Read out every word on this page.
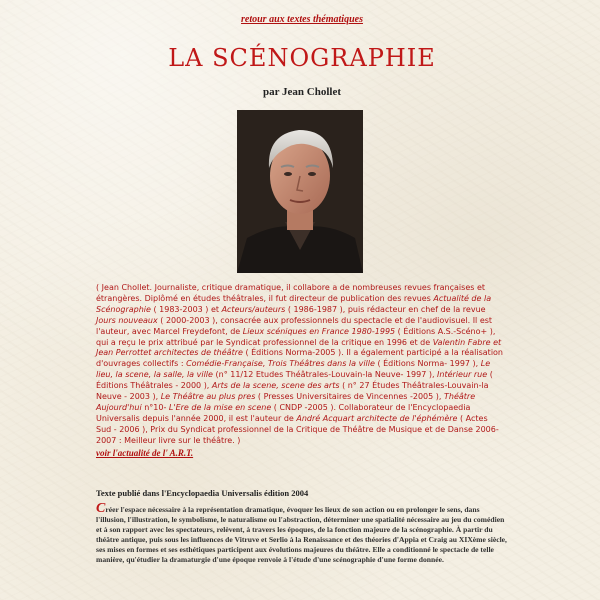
retour aux textes thématiques
LA SCÉNOGRAPHIE
par Jean Chollet
( Jean Chollet. Journaliste, critique dramatique, il collabore a de nombreuses revues françaises et étrangères. Diplômé en études théâtrales, il fut directeur de publication des revues Actualité de la Scénographie ( 1983-2003 ) et Acteurs/auteurs ( 1986-1987 ), puis rédacteur en chef de la revue Jours nouveaux ( 2000-2003 ), consacrée aux professionnels du spectacle et de l'audiovisuel. Il est l'auteur, avec Marcel Freydefont, de Lieux scéniques en France 1980-1995 ( Éditions A.S.-Scéno+ ), qui a reçu le prix attribué par le Syndicat professionnel de la critique en 1996 et de Valentin Fabre et Jean Perrottet architectes de théâtre ( Éditions Norma-2005 ). Il a également participé a la réalisation d'ouvrages collectifs : Comédie-Française, Trois Théâtres dans la ville ( Éditions Norma- 1997 ), Le lieu, la scene, la salle, la ville (n° 11/12 Etudes Théâtrales-Louvain-la Neuve- 1997 ), Intérieur rue ( Éditions Théâtrales - 2000 ), Arts de la scene, scene des arts ( n° 27 Études Théâtrales-Louvain-la Neuve - 2003 ), Le Théâtre au plus pres ( Presses Universitaires de Vincennes -2005 ), Théâtre Aujourd'hui n°10- L'Ere de la mise en scene ( CNDP -2005 ). Collaborateur de l'Encyclopaedia Universalis depuis l'année 2000, il est l'auteur de André Acquart architecte de l'éphémère ( Actes Sud - 2006 ), Prix du Syndicat professionnel de la Critique de Théâtre de Musique et de Danse 2006-2007 : Meilleur livre sur le théâtre. )
voir l'actualité de l' A.R.T.
Texte publié dans l'Encyclopaedia Universalis édition 2004
Créer l'espace nécessaire à la représentation dramatique, évoquer les lieux de son action ou en prolonger le sens, dans l'illusion, l'illustration, le symbolisme, le naturalisme ou l'abstraction, déterminer une spatialité nécessaire au jeu du comédien et à son rapport avec les spectateurs, relèvent, à travers les époques, de la fonction majeure de la scénographie. À partir du théâtre antique, puis sous les influences de Vitruve et Serlio à la Renaissance et des théories d'Appia et Craig au XIXème siècle, ses mises en formes et ses esthétiques participent aux évolutions majeures du théâtre. Elle a conditionné le spectacle de telle manière, qu'étudier la dramaturgie d'une époque renvoie à l'étude d'une scénographie d'une forme donnée.
